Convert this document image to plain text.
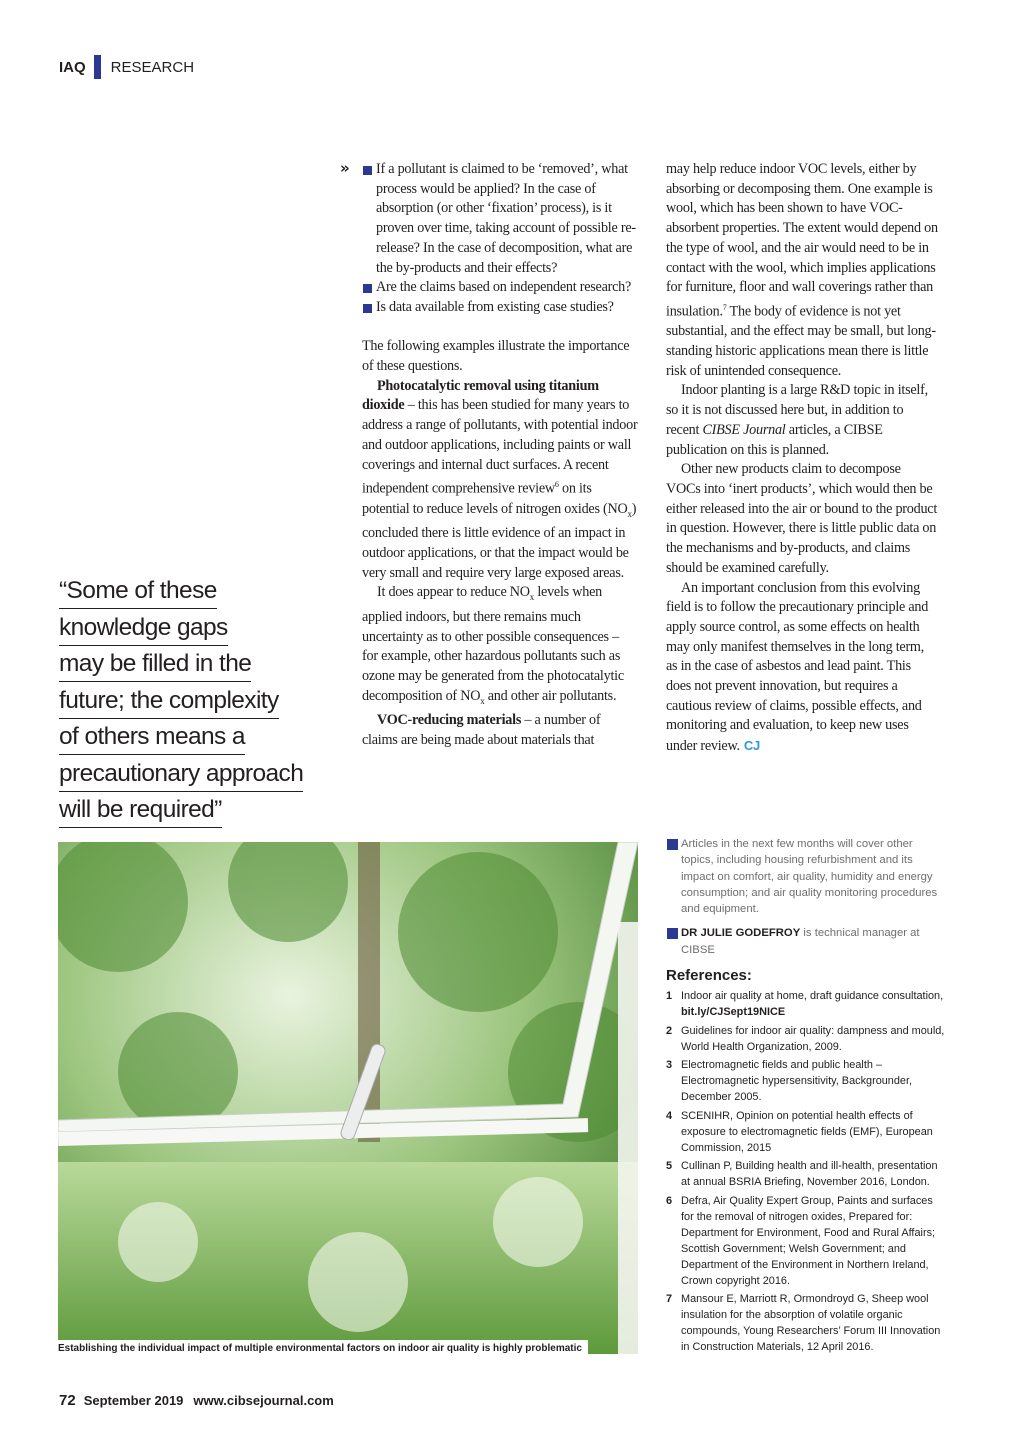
IAQ RESEARCH
“Some of these
knowledge gaps
may be filled in the
future; the complexity
of others means a
precautionary approach
will be required”
»	If a pollutant is claimed to be ‘removed’, what process would be applied? In the case of absorption (or other ‘fixation’ process), is it proven over time, taking account of possible re-release? In the case of decomposition, what are the by-products and their effects?
Are the claims based on independent research?
Is data available from existing case studies?

The following examples illustrate the importance of these questions.

Photocatalytic removal using titanium dioxide – this has been studied for many years to address a range of pollutants, with potential indoor and outdoor applications, including paints or wall coverings and internal duct surfaces. A recent independent comprehensive review$^6$ on its potential to reduce levels of nitrogen oxides $(NO_x)$ concluded there is little evidence of an impact in outdoor applications, or that the impact would be very small and require very large exposed areas.

It does appear to reduce $NO_x$ levels when applied indoors, but there remains much uncertainty as to other possible consequences – for example, other hazardous pollutants such as ozone may be generated from the photocatalytic decomposition of $NO_x$ and other air pollutants.

VOC-reducing materials – a number of claims are being made about materials that

may help reduce indoor VOC levels, either by absorbing or decomposing them. One example is wool, which has been shown to have VOC-absorbent properties. The extent would depend on the type of wool, and the air would need to be in contact with the wool, which implies applications for furniture, floor and wall coverings rather than insulation.$^7$ The body of evidence is not yet substantial, and the effect may be small, but long-standing historic applications mean there is little risk of unintended consequence.

Indoor planting is a large R&D topic in itself, so it is not discussed here but, in addition to recent CIBSE Journal articles, a CIBSE publication on this is planned.

Other new products claim to decompose VOCs into ‘inert products’, which would then be either released into the air or bound to the product in question. However, there is little public data on the mechanisms and by-products, and claims should be examined carefully.

An important conclusion from this evolving field is to follow the precautionary principle and apply source control, as some effects on health may only manifest themselves in the long term, as in the case of asbestos and lead paint. This does not prevent innovation, but requires a cautious review of claims, possible effects, and monitoring and evaluation, to keep new uses under review. CJ

Articles in the next few months will cover other topics, including housing refurbishment and its impact on comfort, air quality, humidity and energy consumption; and air quality monitoring procedures and equipment.
DR JULIE GODEFROY is technical manager at CIBSE
References:
1 Indoor air quality at home, draft guidance consultation, bit.ly/CJSept19NICE
2 Guidelines for indoor air quality: dampness and mould, World Health Organization, 2009.
3 Electromagnetic fields and public health – Electromagnetic hypersensitivity, Backgrounder, December 2005.
4 SCENIHR, Opinion on potential health effects of exposure to electromagnetic fields (EMF), European Commission, 2015
5 Cullinan P, Building health and ill-health, presentation at annual BSRIA Briefing, November 2016, London.
6 Defra, Air Quality Expert Group, Paints and surfaces for the removal of nitrogen oxides, Prepared for: Department for Environment, Food and Rural Affairs; Scottish Government; Welsh Government; and Department of the Environment in Northern Ireland, Crown copyright 2016.
7 Mansour E, Marriott R, Ormondroyd G, Sheep wool insulation for the absorption of volatile organic compounds, Young Researchers’ Forum III Innovation in Construction Materials, 12 April 2016.
Establishing the individual impact of multiple environmental factors on indoor air quality is highly problematic
72 September 2019 www.cibsejournal.com
